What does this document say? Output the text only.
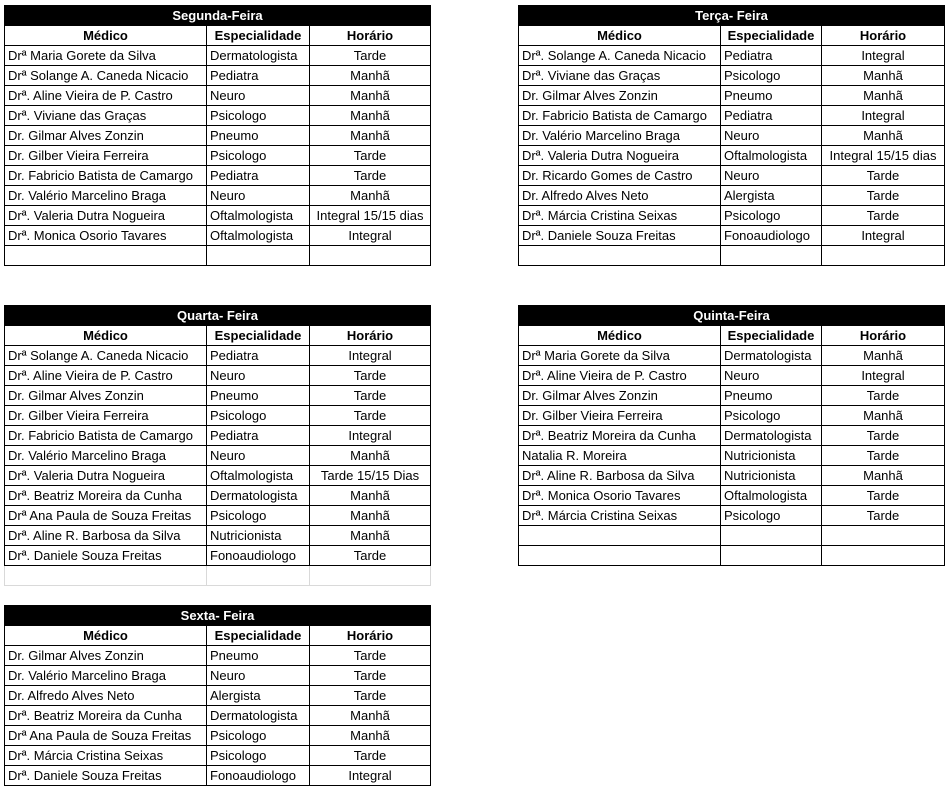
Segunda-Feira		
Médico	Especialidade	Horário
Drª Maria Gorete da Silva	Dermatologista	Tarde
Drª Solange A. Caneda Nicacio	Pediatra	Manhã
Drª. Aline Vieira de P. Castro	Neuro	Manhã
Drª. Viviane das Graças	Psicologo	Manhã
Dr. Gilmar Alves Zonzin	Pneumo	Manhã
Dr. Gilber Vieira Ferreira	Psicologo	Tarde
Dr. Fabricio Batista de Camargo	Pediatra	Tarde
Dr. Valério Marcelino Braga	Neuro	Manhã
Drª. Valeria Dutra Nogueira	Oftalmologista	Integral 15/15 dias
Drª. Monica Osorio Tavares	Oftalmologista	Integral

Terça- Feira		
Médico	Especialidade	Horário
Drª. Solange A. Caneda Nicacio	Pediatra	Integral
Drª. Viviane das Graças	Psicologo	Manhã
Dr. Gilmar Alves Zonzin	Pneumo	Manhã
Dr. Fabricio Batista de Camargo	Pediatra	Integral
Dr. Valério Marcelino Braga	Neuro	Manhã
Drª. Valeria Dutra Nogueira	Oftalmologista	Integral 15/15 dias
Dr. Ricardo Gomes de Castro	Neuro	Tarde
Dr. Alfredo Alves Neto	Alergista	Tarde
Drª. Márcia Cristina Seixas	Psicologo	Tarde
Drª. Daniele Souza Freitas	Fonoaudiologo	Integral

Quarta- Feira		
Médico	Especialidade	Horário
Drª Solange A. Caneda Nicacio	Pediatra	Integral
Drª. Aline Vieira de P. Castro	Neuro	Tarde
Dr. Gilmar Alves Zonzin	Pneumo	Tarde
Dr. Gilber Vieira Ferreira	Psicologo	Tarde
Dr. Fabricio Batista de Camargo	Pediatra	Integral
Dr. Valério Marcelino Braga	Neuro	Manhã
Drª. Valeria Dutra Nogueira	Oftalmologista	Tarde 15/15 Dias
Drª. Beatriz Moreira da Cunha	Dermatologista	Manhã
Drª Ana Paula de Souza Freitas	Psicologo	Manhã
Drª. Aline R. Barbosa da Silva	Nutricionista	Manhã
Drª. Daniele Souza Freitas	Fonoaudiologo	Tarde

Quinta-Feira		
Médico	Especialidade	Horário
Drª Maria Gorete da Silva	Dermatologista	Manhã
Drª. Aline Vieira de P. Castro	Neuro	Integral
Dr. Gilmar Alves Zonzin	Pneumo	Tarde
Dr. Gilber Vieira Ferreira	Psicologo	Manhã
Drª. Beatriz Moreira da Cunha	Dermatologista	Tarde
Natalia R. Moreira	Nutricionista	Tarde
Drª. Aline R. Barbosa da Silva	Nutricionista	Manhã
Drª. Monica Osorio Tavares	Oftalmologista	Tarde
Drª. Márcia Cristina Seixas	Psicologo	Tarde

Sexta- Feira		
Médico	Especialidade	Horário
Dr. Gilmar Alves Zonzin	Pneumo	Tarde
Dr. Valério Marcelino Braga	Neuro	Tarde
Dr. Alfredo Alves Neto	Alergista	Tarde
Drª. Beatriz Moreira da Cunha	Dermatologista	Manhã
Drª Ana Paula de Souza Freitas	Psicologo	Manhã
Drª. Márcia Cristina Seixas	Psicologo	Tarde
Drª. Daniele Souza Freitas	Fonoaudiologo	Integral
